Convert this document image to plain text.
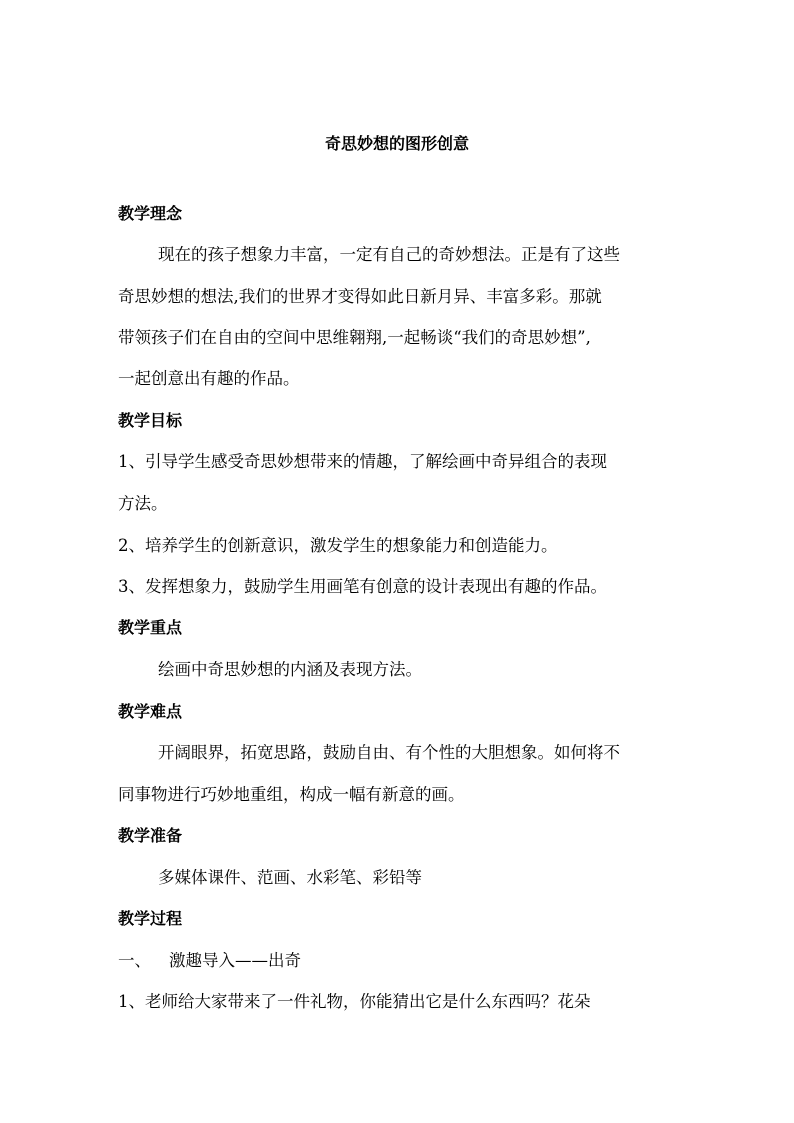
奇思妙想的图形创意
教学理念
现在的孩子想象力丰富，一定有自己的奇妙想法。正是有了这些
奇思妙想的想法,我们的世界才变得如此日新月异、丰富多彩。那就
带领孩子们在自由的空间中思维翱翔,一起畅谈“我们的奇思妙想”,
一起创意出有趣的作品。
教学目标
1、引导学生感受奇思妙想带来的情趣，了解绘画中奇异组合的表现
方法。
2、培养学生的创新意识，激发学生的想象能力和创造能力。
3、发挥想象力，鼓励学生用画笔有创意的设计表现出有趣的作品。
教学重点
绘画中奇思妙想的内涵及表现方法。
教学难点
开阔眼界，拓宽思路，鼓励自由、有个性的大胆想象。如何将不
同事物进行巧妙地重组，构成一幅有新意的画。
教学准备
多媒体课件、范画、水彩笔、彩铅等
教学过程
一、 激趣导入——出奇
1、老师给大家带来了一件礼物，你能猜出它是什么东西吗？花朵
